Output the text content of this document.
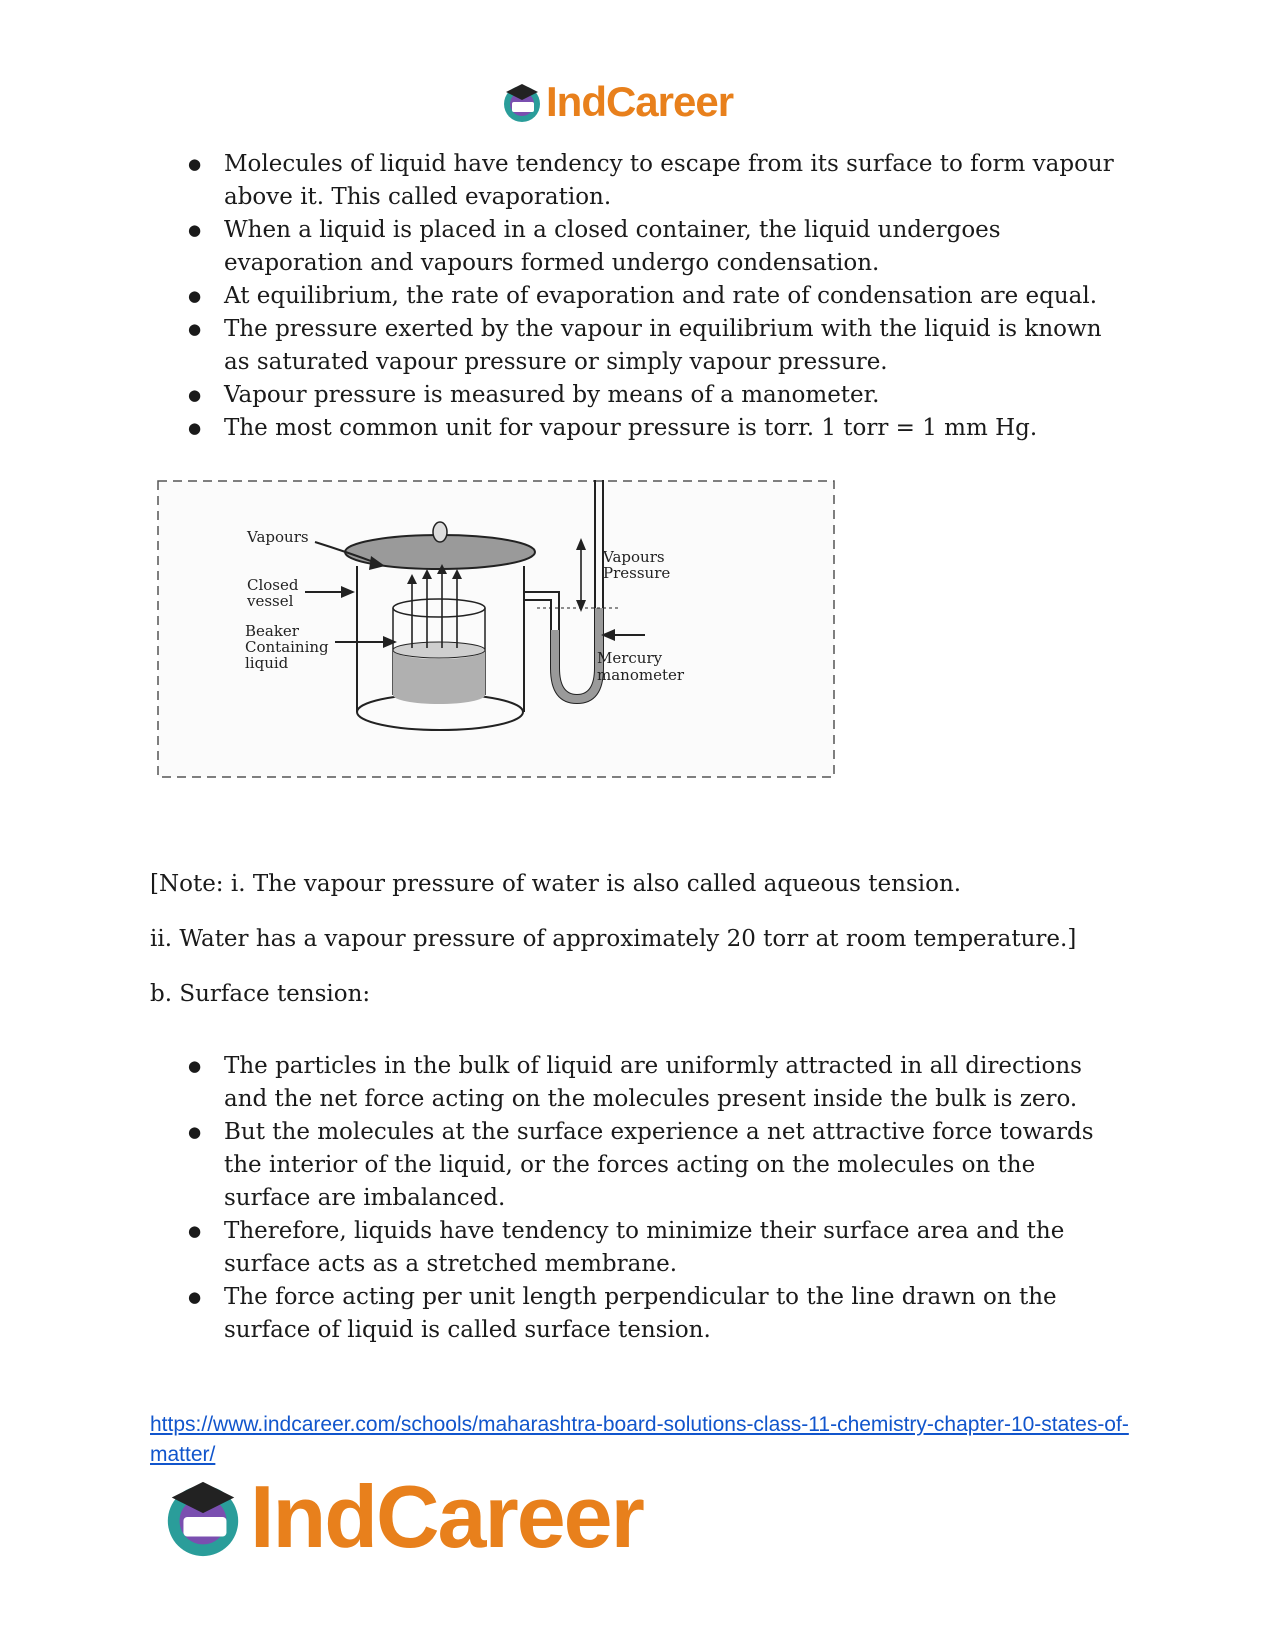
IndCareer
● Molecules of liquid have tendency to escape from its surface to form vapour above it. This called evaporation.
● When a liquid is placed in a closed container, the liquid undergoes evaporation and vapours formed undergo condensation.
● At equilibrium, the rate of evaporation and rate of condensation are equal.
● The pressure exerted by the vapour in equilibrium with the liquid is known as saturated vapour pressure or simply vapour pressure.
● Vapour pressure is measured by means of a manometer.
● The most common unit for vapour pressure is torr. 1 torr = 1 mm Hg.
Vapours
Closed
vessel
Beaker
Containing
liquid
Vapours
Pressure
Mercury
manometer

[Note: i. The vapour pressure of water is also called aqueous tension.

ii. Water has a vapour pressure of approximately 20 torr at room temperature.]

b. Surface tension:

● The particles in the bulk of liquid are uniformly attracted in all directions and the net force acting on the molecules present inside the bulk is zero.
● But the molecules at the surface experience a net attractive force towards the interior of the liquid, or the forces acting on the molecules on the surface are imbalanced.
● Therefore, liquids have tendency to minimize their surface area and the surface acts as a stretched membrane.
● The force acting per unit length perpendicular to the line drawn on the surface of liquid is called surface tension.
https://www.indcareer.com/schools/maharashtra-board-solutions-class-11-chemistry-chapter-10-states-of-matter/
IndCareer
